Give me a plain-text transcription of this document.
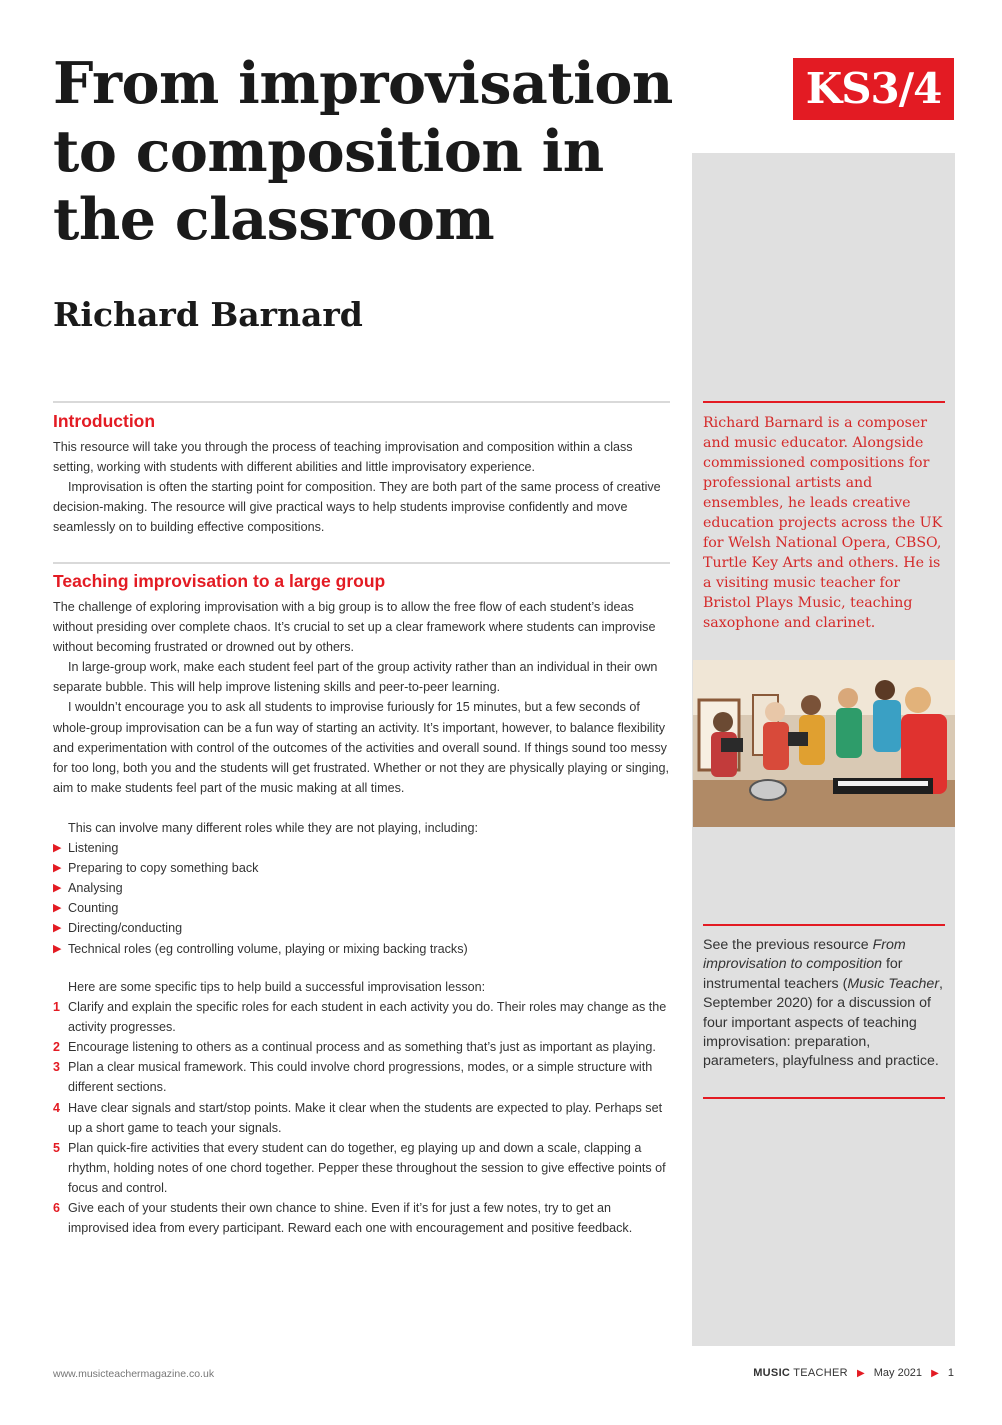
From improvisation to composition in the classroom
Richard Barnard
KS3/4
Richard Barnard is a composer and music educator. Alongside commissioned compositions for professional artists and ensembles, he leads creative education projects across the UK for Welsh National Opera, CBSO, Turtle Key Arts and others. He is a visiting music teacher for Bristol Plays Music, teaching saxophone and clarinet.
See the previous resource From improvisation to composition for instrumental teachers (Music Teacher, September 2020) for a discussion of four important aspects of teaching improvisation: preparation, parameters, playfulness and practice.
Introduction

This resource will take you through the process of teaching improvisation and composition within a class setting, working with students with different abilities and little improvisatory experience.

Improvisation is often the starting point for composition. They are both part of the same process of creative decision-making. The resource will give practical ways to help students improvise confidently and move seamlessly on to building effective compositions.

Teaching improvisation to a large group

The challenge of exploring improvisation with a big group is to allow the free flow of each student’s ideas without presiding over complete chaos. It’s crucial to set up a clear framework where students can improvise without becoming frustrated or drowned out by others.

In large-group work, make each student feel part of the group activity rather than an individual in their own separate bubble. This will help improve listening skills and peer-to-peer learning.

I wouldn’t encourage you to ask all students to improvise furiously for 15 minutes, but a few seconds of whole-group improvisation can be a fun way of starting an activity. It’s important, however, to balance flexibility and experimentation with control of the outcomes of the activities and overall sound. If things sound too messy for too long, both you and the students will get frustrated. Whether or not they are physically playing or singing, aim to make students feel part of the music making at all times.

This can involve many different roles while they are not playing, including:

▶ Listening
▶ Preparing to copy something back
▶ Analysing
▶ Counting
▶ Directing/conducting
▶ Technical roles (eg controlling volume, playing or mixing backing tracks)

Here are some specific tips to help build a successful improvisation lesson:

1 Clarify and explain the specific roles for each student in each activity you do. Their roles may change as the activity progresses.
2 Encourage listening to others as a continual process and as something that’s just as important as playing.
3 Plan a clear musical framework. This could involve chord progressions, modes, or a simple structure with different sections.
4 Have clear signals and start/stop points. Make it clear when the students are expected to play. Perhaps set up a short game to teach your signals.
5 Plan quick-fire activities that every student can do together, eg playing up and down a scale, clapping a rhythm, holding notes of one chord together. Pepper these throughout the session to give effective points of focus and control.
6 Give each of your students their own chance to shine. Even if it’s for just a few notes, try to get an improvised idea from every participant. Reward each one with encouragement and positive feedback.
www.musicteachermagazine.co.uk	MUSIC TEACHER ▶ May 2021 ▶ 1
